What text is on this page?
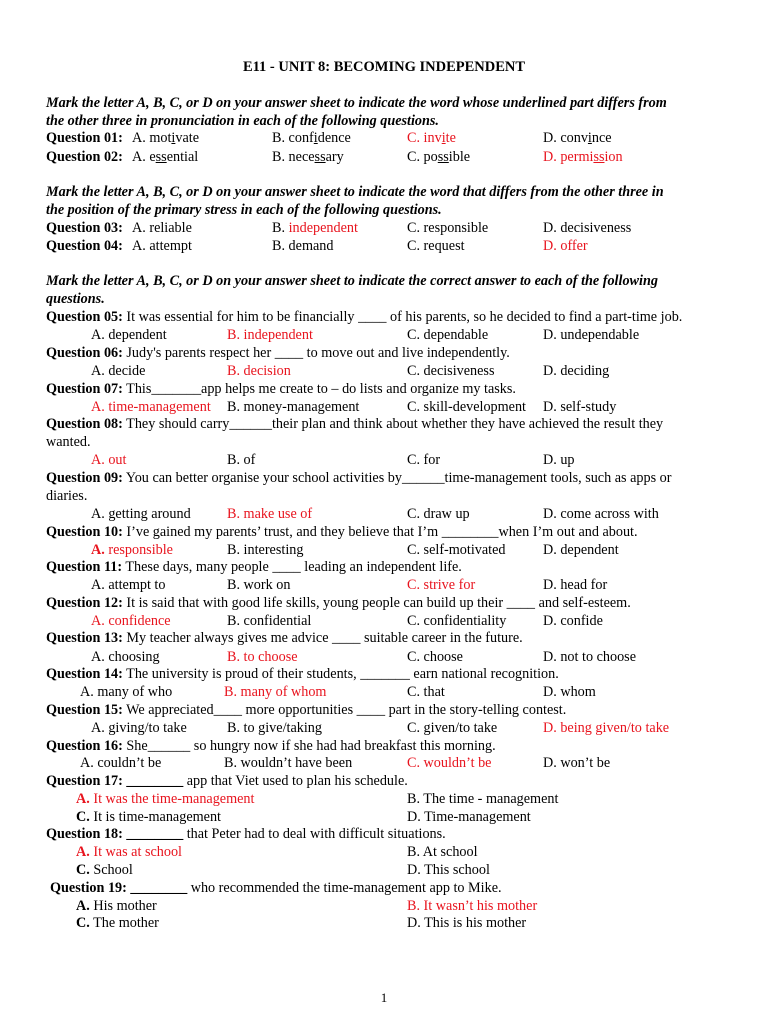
E11 - UNIT 8: BECOMING INDEPENDENT
Mark the letter A, B, C, or D on your answer sheet to indicate the word whose underlined part differs from
the other three in pronunciation in each of the following questions.
Question 01: A. motivate	B. confidence	C. invite	D. convince
Question 02: A. essential	B. necessary	C. possible	D. permission
Mark the letter A, B, C, or D on your answer sheet to indicate the word that differs from the other three in
the position of the primary stress in each of the following questions.
Question 03: A. reliable	B. independent	C. responsible	D. decisiveness
Question 04: A. attempt	B. demand	C. request	D. offer
Mark the letter A, B, C, or D on your answer sheet to indicate the correct answer to each of the following
questions.
Question 05: It was essential for him to be financially ____ of his parents, so he decided to find a part-time job.
A. dependent	B. independent	C. dependable	D. undependable
Question 06: Judy's parents respect her ____ to move out and live independently.
A. decide	B. decision	C. decisiveness	D. deciding
Question 07: This_______app helps me create to – do lists and organize my tasks.
A. time-management B. money-management	C. skill-development D. self-study
Question 08: They should carry______their plan and think about whether they have achieved the result they
wanted.
A. out	B. of	C. for	D. up
Question 09: You can better organise your school activities by______time-management tools, such as apps or
diaries.
A. getting around	B. make use of	C. draw up	D. come across with
Question 10: I’ve gained my parents’ trust, and they believe that I’m ________when I’m out and about.
A. responsible	B. interesting	C. self-motivated	D. dependent
Question 11: These days, many people ____ leading an independent life.
A. attempt to	B. work on	C. strive for	D. head for
Question 12: It is said that with good life skills, young people can build up their ____ and self-esteem.
A. confidence	B. confidential	C. confidentiality	D. confide
Question 13: My teacher always gives me advice ____ suitable career in the future.
A. choosing	B. to choose	C. choose	D. not to choose
Question 14: The university is proud of their students, _______ earn national recognition.
A. many of who	B. many of whom	C. that	D. whom
Question 15: We appreciated____ more opportunities ____ part in the story-telling contest.
A. giving/to take	B. to give/taking	C. given/to take	D. being given/to take
Question 16: She______ so hungry now if she had had breakfast this morning.
A. couldn’t be	B. wouldn’t have been	C. wouldn’t be	D. won’t be
Question 17: ________ app that Viet used to plan his schedule.
A. It was the time-management	B. The time - management
C. It is time-management	D. Time-management
Question 18: ________ that Peter had to deal with difficult situations.
A. It was at school	B. At school
C. School	D. This school
Question 19: ________ who recommended the time-management app to Mike.
A. His mother	B. It wasn’t his mother
C. The mother	D. This is his mother
1
